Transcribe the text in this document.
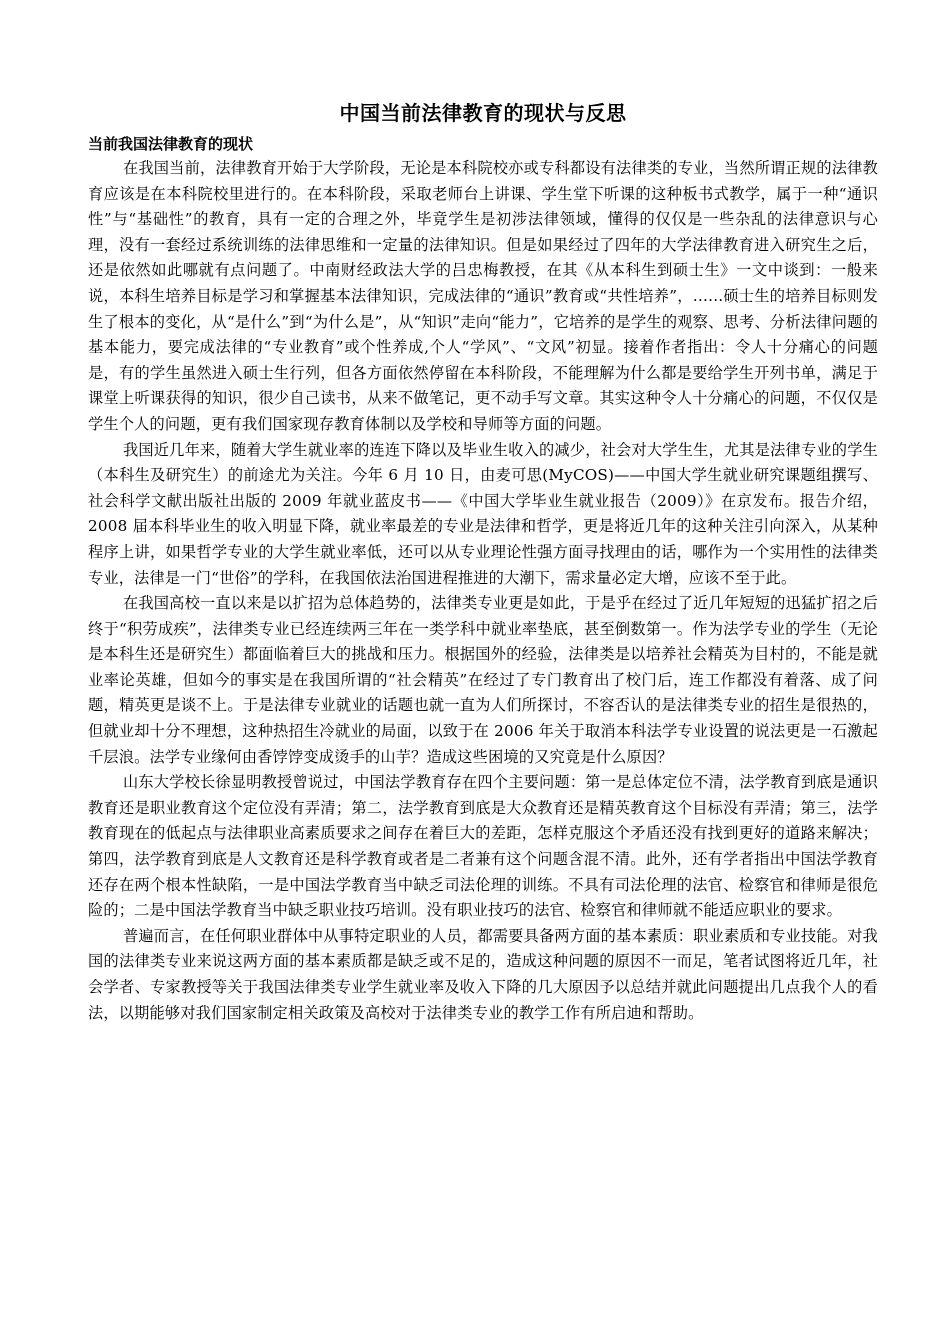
中国当前法律教育的现状与反思
当前我国法律教育的现状

在我国当前，法律教育开始于大学阶段，无论是本科院校亦或专科都设有法律类的专业，当然所谓正规的法律教育应该是在本科院校里进行的。在本科阶段，采取老师台上讲课、学生堂下听课的这种板书式教学，属于一种“通识性”与“基础性”的教育，具有一定的合理之外，毕竟学生是初涉法律领域，懂得的仅仅是一些杂乱的法律意识与心理，没有一套经过系统训练的法律思维和一定量的法律知识。但是如果经过了四年的大学法律教育进入研究生之后，还是依然如此哪就有点问题了。中南财经政法大学的吕忠梅教授，在其《从本科生到硕士生》一文中谈到：一般来说，本科生培养目标是学习和掌握基本法律知识，完成法律的“通识”教育或“共性培养”，…...硕士生的培养目标则发生了根本的变化，从“是什么”到“为什么是”，从“知识”走向“能力”，它培养的是学生的观察、思考、分析法律问题的基本能力，要完成法律的“专业教育”或个性养成,个人“学风”、“文风”初显。接着作者指出：令人十分痛心的问题是，有的学生虽然进入硕士生行列，但各方面依然停留在本科阶段，不能理解为什么都是要给学生开列书单，满足于课堂上听课获得的知识，很少自己读书，从来不做笔记，更不动手写文章。其实这种令人十分痛心的问题，不仅仅是学生个人的问题，更有我们国家现存教育体制以及学校和导师等方面的问题。

我国近几年来，随着大学生就业率的连连下降以及毕业生收入的减少，社会对大学生生，尤其是法律专业的学生（本科生及研究生）的前途尤为关注。今年 6 月 10 日，由麦可思(MyCOS)——中国大学生就业研究课题组撰写、社会科学文献出版社出版的 2009 年就业蓝皮书——《中国大学毕业生就业报告（2009）》在京发布。报告介绍，2008 届本科毕业生的收入明显下降，就业率最差的专业是法律和哲学，更是将近几年的这种关注引向深入，从某种程序上讲，如果哲学专业的大学生就业率低，还可以从专业理论性强方面寻找理由的话，哪作为一个实用性的法律类专业，法律是一门“世俗”的学科，在我国依法治国进程推进的大潮下，需求量必定大增，应该不至于此。

在我国高校一直以来是以扩招为总体趋势的，法律类专业更是如此，于是乎在经过了近几年短短的迅猛扩招之后终于“积劳成疾”，法律类专业已经连续两三年在一类学科中就业率垫底，甚至倒数第一。作为法学专业的学生（无论是本科生还是研究生）都面临着巨大的挑战和压力。根据国外的经验，法律类是以培养社会精英为目村的，不能是就业率论英雄，但如今的事实是在我国所谓的“社会精英”在经过了专门教育出了校门后，连工作都没有着落、成了问题，精英更是谈不上。于是法律专业就业的话题也就一直为人们所探讨，不容否认的是法律类专业的招生是很热的，但就业却十分不理想，这种热招生冷就业的局面，以致于在 2006 年关于取消本科法学专业设置的说法更是一石激起千层浪。法学专业缘何由香饽饽变成烫手的山芋？造成这些困境的又究竟是什么原因？

山东大学校长徐显明教授曾说过，中国法学教育存在四个主要问题：第一是总体定位不清，法学教育到底是通识教育还是职业教育这个定位没有弄清；第二，法学教育到底是大众教育还是精英教育这个目标没有弄清；第三，法学教育现在的低起点与法律职业高素质要求之间存在着巨大的差距，怎样克服这个矛盾还没有找到更好的道路来解决；第四，法学教育到底是人文教育还是科学教育或者是二者兼有这个问题含混不清。此外，还有学者指出中国法学教育还存在两个根本性缺陷，一是中国法学教育当中缺乏司法伦理的训练。不具有司法伦理的法官、检察官和律师是很危险的；二是中国法学教育当中缺乏职业技巧培训。没有职业技巧的法官、检察官和律师就不能适应职业的要求。

普遍而言，在任何职业群体中从事特定职业的人员，都需要具备两方面的基本素质：职业素质和专业技能。对我国的法律类专业来说这两方面的基本素质都是缺乏或不足的，造成这种问题的原因不一而足，笔者试图将近几年，社会学者、专家教授等关于我国法律类专业学生就业率及收入下降的几大原因予以总结并就此问题提出几点我个人的看法，以期能够对我们国家制定相关政策及高校对于法律类专业的教学工作有所启迪和帮助。
